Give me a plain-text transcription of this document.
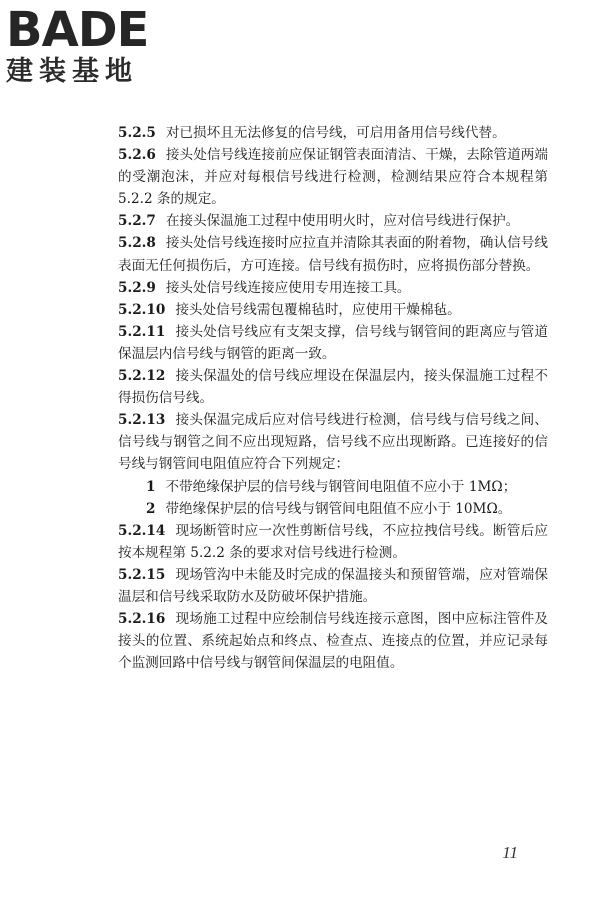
BADE
建装基地

5.2.5 对已损坏且无法修复的信号线，可启用备用信号线代替。

5.2.6 接头处信号线连接前应保证钢管表面清洁、干燥，去除管道两端的受潮泡沫，并应对每根信号线进行检测，检测结果应符合本规程第 5.2.2 条的规定。

5.2.7 在接头保温施工过程中使用明火时，应对信号线进行保护。

5.2.8 接头处信号线连接时应拉直并清除其表面的附着物，确认信号线表面无任何损伤后，方可连接。信号线有损伤时，应将损伤部分替换。

5.2.9 接头处信号线连接应使用专用连接工具。

5.2.10 接头处信号线需包覆棉毡时，应使用干燥棉毡。

5.2.11 接头处信号线应有支架支撑，信号线与钢管间的距离应与管道保温层内信号线与钢管的距离一致。

5.2.12 接头保温处的信号线应埋设在保温层内，接头保温施工过程不得损伤信号线。

5.2.13 接头保温完成后应对信号线进行检测，信号线与信号线之间、信号线与钢管之间不应出现短路，信号线不应出现断路。已连接好的信号线与钢管间电阻值应符合下列规定：

1 不带绝缘保护层的信号线与钢管间电阻值不应小于 1MΩ；

2 带绝缘保护层的信号线与钢管间电阻值不应小于 10MΩ。

5.2.14 现场断管时应一次性剪断信号线，不应拉拽信号线。断管后应按本规程第 5.2.2 条的要求对信号线进行检测。

5.2.15 现场管沟中未能及时完成的保温接头和预留管端，应对管端保温层和信号线采取防水及防破坏保护措施。

5.2.16 现场施工过程中应绘制信号线连接示意图，图中应标注管件及接头的位置、系统起始点和终点、检查点、连接点的位置，并应记录每个监测回路中信号线与钢管间保温层的电阻值。

11
